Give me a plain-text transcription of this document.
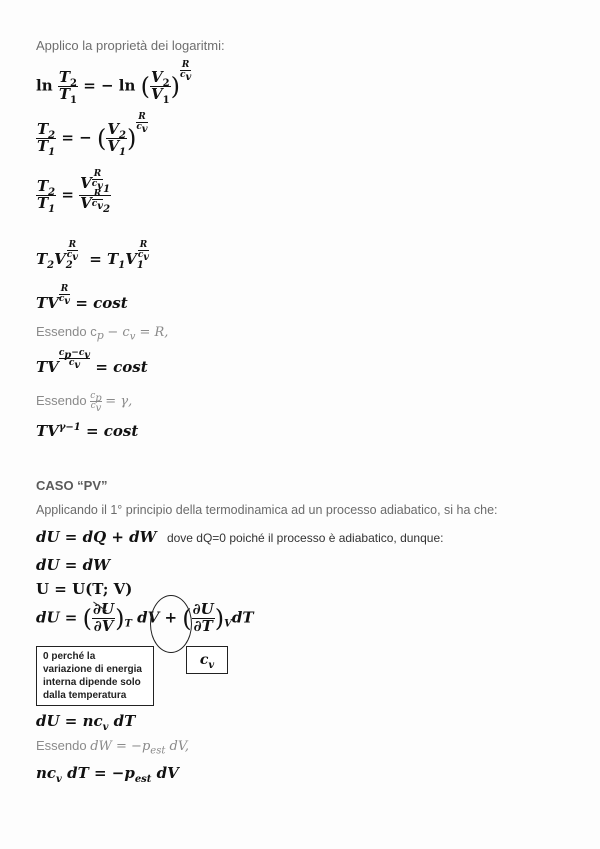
Applico la proprietà dei logaritmi:
$\ln \frac{T_2}{T_1}$ = − ln ( $\frac{V_2}{V_1}$ )
$\frac{R}{c_v}$
$\frac{T_2}{T_1}$ = − ( $\frac{V_2}{V_1}$ )
$\frac{R}{c_v}$
$\frac{T_2}{T_1} = V \frac{R}{c_v}$
$_1$
V $\frac{R}{c_v}$
$_2$
$T_2V_2$
$\frac{R}{c_v} = T_1V_1$
$\frac{R}{c_v}$
TV $\frac{R}{c_v} = \cos t$
Essendo $c_p - c_v = R$,
TV $\frac{c_p-c_v}{c_v} = \cos t$
Essendo $\frac{c_p}{c_v} = \gamma$,
$TV^{\gamma-1} = \cos t$
CASO “PV”
Applicando il 1° principio della termodinamica ad un processo adiabatico, si ha che:
dU = dQ + dW  dove dQ=0 poiché il processo è adiabatico, dunque:
dU = dW
U = U(T; V)
dU = ( $\frac{\partial U}{\partial V} )_T$ dV + ( $\frac{\partial U}{\partial T} )_VdT$
0 perché la
variazione di energia
interna dipende solo
dalla temperatura
$c_v$
dU = $nc_v$ dT
Essendo dW = $-p_{est}$ dV,
$nc_v$ dT = $-p_{est}$ dV
